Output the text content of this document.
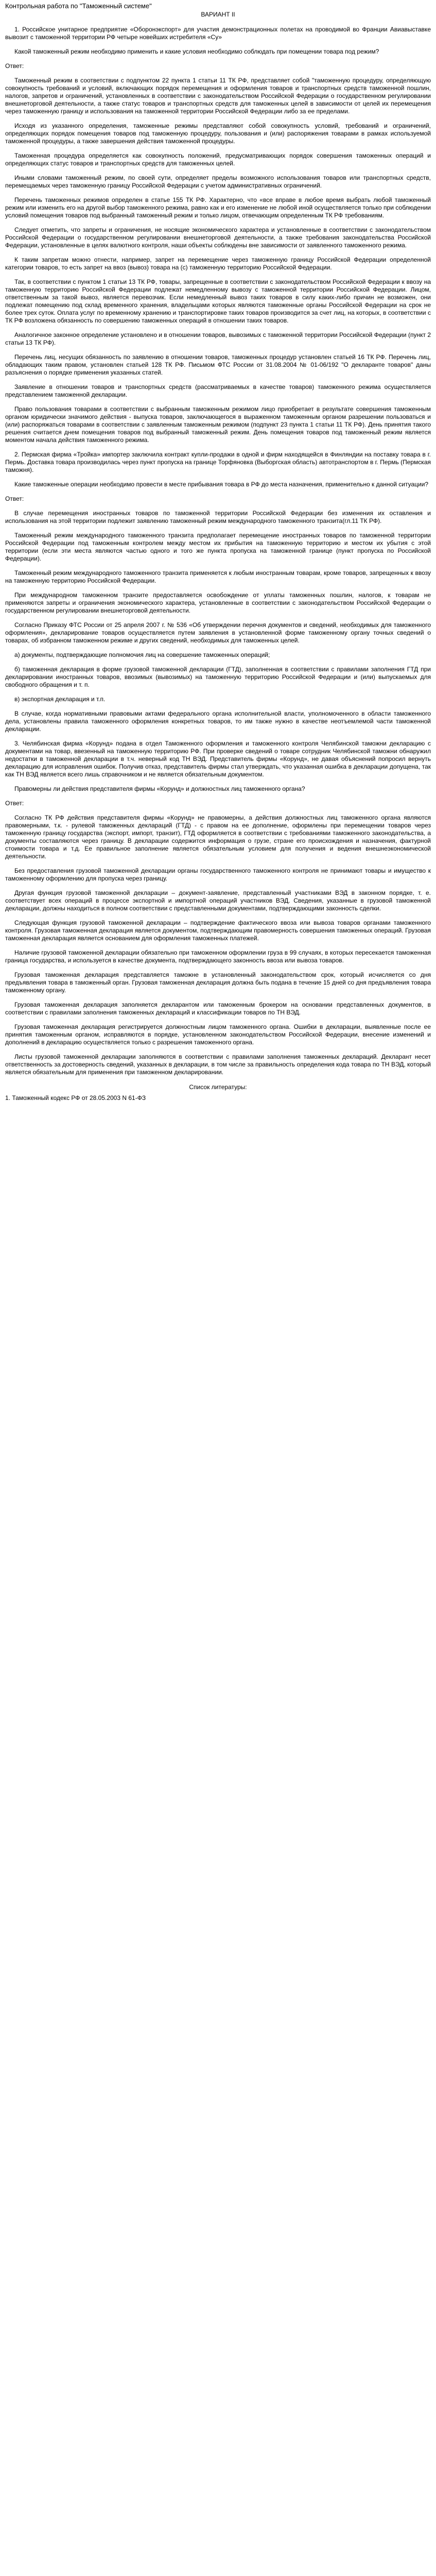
Контрольная работа по "Таможенный системе"
ВАРИАНТ II

1. Российское унитарное предприятие «Оборонэкспорт» для участия демонстрационных полетах на проводимой во Франции Авиавыставке вывозит с таможенной территории РФ четыре новейших истребителя «Су»

Какой таможенный режим необходимо применить и какие условия необходимо соблюдать при помещении товара под режим?

Ответ:

Таможенный режим в соответствии с подпунктом 22 пункта 1 статьи 11 ТК РФ, представляет собой "таможенную процедуру, определяющую совокупность требований и условий, включающих порядок перемещения и оформления товаров и транспортных средств таможенной пошлин, налогов, запретов и ограничений, установленных в соответствии с законодательством Российской Федерации о государственном регулировании внешнеторговой деятельности, а также статус товаров и транспортных средств для таможенных целей в зависимости от целей их перемещения через таможенную границу и использования на таможенной территории Российской Федерации либо за ее пределами.

Исходя из указанного определения, таможенные режимы представляют собой совокупность условий, требований и ограничений, определяющих порядок помещения товаров под таможенную процедуру, пользования и (или) распоряжения товарами в рамках используемой таможенной процедуры, а также завершения действия таможенной процедуры.

Таможенная процедура определяется как совокупность положений, предусматривающих порядок совершения таможенных операций и определяющих статус товаров и транспортных средств для таможенных целей.

Иными словами таможенный режим, по своей сути, определяет пределы возможного использования товаров или транспортных средств, перемещаемых через таможенную границу Российской Федерации с учетом административных ограничений.

Перечень таможенных режимов определен в статье 155 ТК РФ. Характерно, что «все вправе в любое время выбрать любой таможенный режим или изменить его на другой выбор таможенного режима, равно как и его изменение не любой иной осуществляется только при соблюдении условий помещения товаров под выбранный таможенный режим и только лицом, отвечающим определенным ТК РФ требованиям.

Следует отметить, что запреты и ограничения, не носящие экономического характера и установленные в соответствии с законодательством Российской Федерации о государственном регулировании внешнеторговой деятельности, а также требования законодательства Российской Федерации, установленные в целях валютного контроля, наши объекты соблюдены вне зависимости от заявленного таможенного режима.

К таким запретам можно отнести, например, запрет на перемещение через таможенную границу Российской Федерации определенной категории товаров, то есть запрет на ввоз (вывоз) товара на (с) таможенную территорию Российской Федерации.

Так, в соответствии с пунктом 1 статьи 13 ТК РФ, товары, запрещенные в соответствии с законодательством Российской Федерации к ввозу на таможенную территорию Российской Федерации подлежат немедленному вывозу с таможенной территории Российской Федерации. Лицом, ответственным за такой вывоз, является перевозчик. Если немедленный вывоз таких товаров в силу каких-либо причин не возможен, они подлежат помещению под склад временного хранения, владельцами которых являются таможенные органы Российской Федерации на срок не более трех суток. Оплата услуг по временному хранению и транспортировке таких товаров производится за счет лиц, на которых, в соответствии с ТК РФ возложена обязанность по совершению таможенных операций в отношении таких товаров.

Аналогичное законное определение установлено и в отношении товаров, вывозимых с таможенной территории Российской Федерации (пункт 2 статьи 13 ТК РФ).

Перечень лиц, несущих обязанность по заявлению в отношении товаров, таможенных процедур установлен статьей 16 ТК РФ. Перечень лиц, обладающих таким правом, установлен статьей 128 ТК РФ. Письмом ФТС России от 31.08.2004 № 01-06/192 "О декларанте товаров" даны разъяснения о порядке применения указанных статей.

Заявление в отношении товаров и транспортных средств (рассматриваемых в качестве товаров) таможенного режима осуществляется представлением таможенной декларации.

Право пользования товарами в соответствии с выбранным таможенным режимом лицо приобретает в результате совершения таможенным органом юридически значимого действия - выпуска товаров, заключающегося в выраженном таможенным органом разрешении пользоваться и (или) распоряжаться товарами в соответствии с заявленным таможенным режимом (подпункт 23 пункта 1 статьи 11 ТК РФ). День принятия такого решения считается днем помещения товаров под выбранный таможенный режим. День помещения товаров под таможенный режим является моментом начала действия таможенного режима.

2. Пермская фирма «Тройка» импортер заключила контракт купли-продажи в одной и фирм находящейся в Финляндии на поставку товара в г. Пермь. Доставка товара производилась через пункт пропуска на границе Торфяновка (Выборгская область) автотранспортом в г. Пермь (Пермская таможня).

Какие таможенные операции необходимо провести в месте прибывания товара в РФ до места назначения, применительно к данной ситуации?

Ответ:

В случае перемещения иностранных товаров по таможенной территории Российской Федерации без изменения их оставления и использования на этой территории подлежит заявлению таможенный режим международного таможенного транзита(гл.11 ТК РФ).

Таможенный режим международного таможенного транзита предполагает перемещение иностранных товаров по таможенной территории Российской Федерации под таможенным контролем между местом их прибытия на таможенную территорию и местом их убытия с этой территории (если эти места являются частью одного и того же пункта пропуска на таможенной границе (пункт пропуска по Российской Федерации).

Таможенный режим международного таможенного транзита применяется к любым иностранным товарам, кроме товаров, запрещенных к ввозу на таможенную территорию Российской Федерации.

При международном таможенном транзите предоставляется освобождение от уплаты таможенных пошлин, налогов, к товарам не применяются запреты и ограничения экономического характера, установленные в соответствии с законодательством Российской Федерации о государственном регулировании внешнеторговой деятельности.

Согласно Приказу ФТС России от 25 апреля 2007 г. № 536 «Об утверждении перечня документов и сведений, необходимых для таможенного оформления», декларирование товаров осуществляется путем заявления в установленной форме таможенному органу точных сведений о товарах, об избранном таможенном режиме и других сведений, необходимых для таможенных целей.

а) документы, подтверждающие полномочия лиц на совершение таможенных операций;

б) таможенная декларация в форме грузовой таможенной декларации (ГТД), заполненная в соответствии с правилами заполнения ГТД при декларировании иностранных товаров, ввозимых (вывозимых) на таможенную территорию Российской Федерации и (или) выпускаемых для свободного обращения и т. п.

в) экспортная декларация и т.п.

В случае, когда нормативными правовыми актами федерального органа исполнительной власти, уполномоченного в области таможенного дела, установлены правила таможенного оформления конкретных товаров, то им также нужно в качестве неотъемлемой части таможенной декларации.

3. Челябинская фирма «Корунд» подана в отдел Таможенного оформления и таможенного контроля Челябинской таможни декларацию с документами на товар, ввезенный на таможенную территорию РФ. При проверке сведений о товаре сотрудник Челябинской таможни обнаружил недостатки в таможенной декларации в т.ч. неверный код ТН ВЭД. Представитель фирмы «Корунд», не давая объяснений попросил вернуть декларацию для исправления ошибок. Получив отказ, представитель фирмы стал утверждать, что указанная ошибка в декларации допущена, так как ТН ВЭД является всего лишь справочником и не является обязательным документом.

Правомерны ли действия представителя фирмы «Корунд» и должностных лиц таможенного органа?

Ответ:

Согласно ТК РФ действия представителя фирмы «Корунд» не правомерны, а действия должностных лиц таможенного органа являются правомерными, т.к. - рулевой таможенных деклараций (ГТД) - с правом на ее дополнение, оформлены при перемещении товаров через таможенную границу государства (экспорт, импорт, транзит), ГТД оформляется в соответствии с требованиями таможенного законодательства, а документы составляются через границу. В декларации содержится информация о грузе, стране его происхождения и назначения, фактурной стоимости товара и т.д. Ее правильное заполнение является обязательным условием для получения и ведения внешнеэкономической деятельности.

Без предоставления грузовой таможенной декларации органы государственного таможенного контроля не принимают товары и имущество к таможенному оформлению для пропуска через границу.

Другая функция грузовой таможенной декларации – документ-заявление, представленный участниками ВЭД в законном порядке, т. е. соответствует всех операций в процессе экспортной и импортной операций участников ВЭД. Сведения, указанные в грузовой таможенной декларации, должны находиться в полном соответствии с представленными документами, подтверждающими законность сделки.

Следующая функция грузовой таможенной декларации – подтверждение фактического ввоза или вывоза товаров органами таможенного контроля. Грузовая таможенная декларация является документом, подтверждающим правомерность совершения таможенных операций. Грузовая таможенная декларация является основанием для оформления таможенных платежей.

Наличие грузовой таможенной декларации обязательно при таможенном оформлении груза в 99 случаях, в которых пересекается таможенная граница государства, и используется в качестве документа, подтверждающего законность ввоза или вывоза товаров.

Грузовая таможенная декларация представляется таможне в установленный законодательством срок, который исчисляется со дня предъявления товара в таможенный орган. Грузовая таможенная декларация должна быть подана в течение 15 дней со дня предъявления товара таможенному органу.

Грузовая таможенная декларация заполняется декларантом или таможенным брокером на основании представленных документов, в соответствии с правилами заполнения таможенных деклараций и классификации товаров по ТН ВЭД.

Грузовая таможенная декларация регистрируется должностным лицом таможенного органа. Ошибки в декларации, выявленные после ее принятия таможенным органом, исправляются в порядке, установленном законодательством Российской Федерации, внесение изменений и дополнений в декларацию осуществляется только с разрешения таможенного органа.

Листы грузовой таможенной декларации заполняются в соответствии с правилами заполнения таможенных деклараций. Декларант несет ответственность за достоверность сведений, указанных в декларации, в том числе за правильность определения кода товара по ТН ВЭД, который является обязательным для применения при таможенном декларировании.

Список литературы:
1. Таможенный кодекс РФ от 28.05.2003 N 61-ФЗ
